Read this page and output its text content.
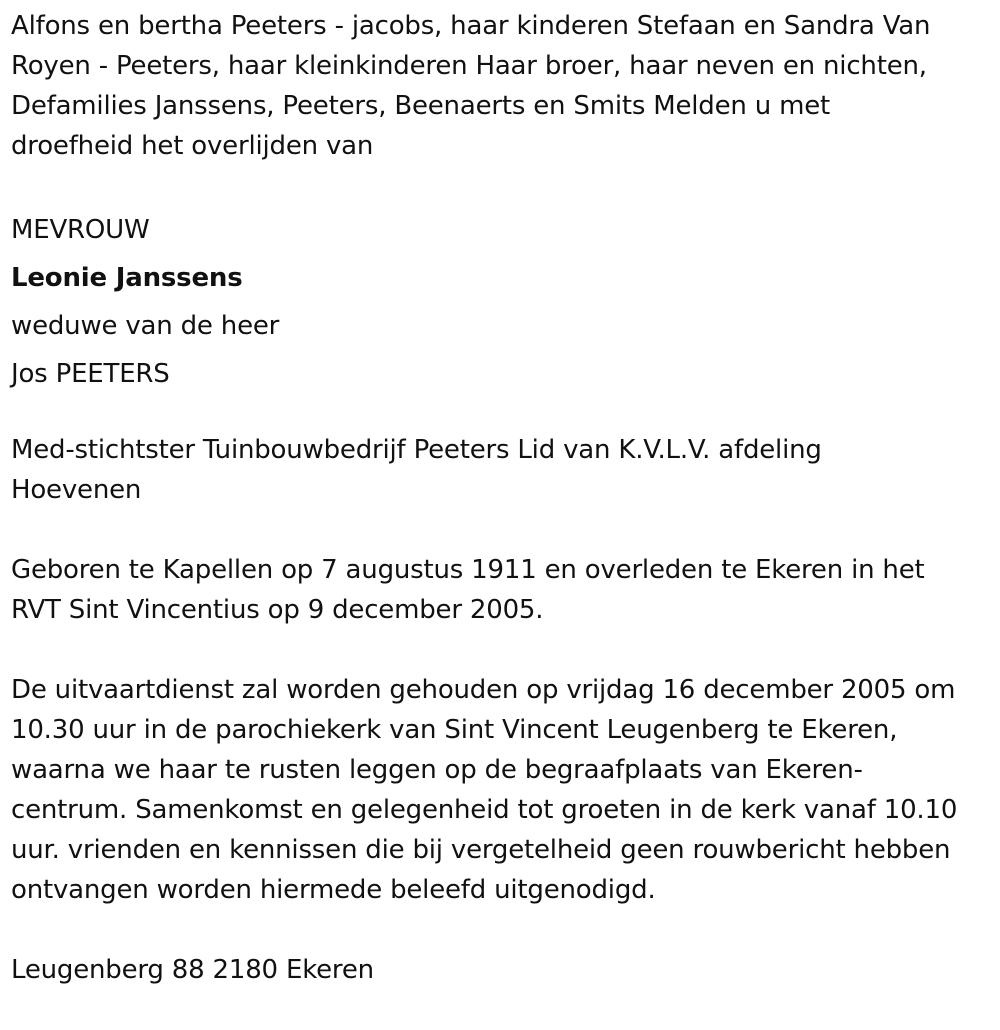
Alfons en bertha Peeters - jacobs, haar kinderen Stefaan en Sandra Van
Royen - Peeters, haar kleinkinderen Haar broer, haar neven en nichten,
Defamilies Janssens, Peeters, Beenaerts en Smits Melden u met
droefheid het overlijden van

MEVROUW
Leonie Janssens
weduwe van de heer
Jos PEETERS

Med-stichtster Tuinbouwbedrijf Peeters Lid van K.V.L.V. afdeling
Hoevenen

Geboren te Kapellen op 7 augustus 1911 en overleden te Ekeren in het
RVT Sint Vincentius op 9 december 2005.

De uitvaartdienst zal worden gehouden op vrijdag 16 december 2005 om
10.30 uur in de parochiekerk van Sint Vincent Leugenberg te Ekeren,
waarna we haar te rusten leggen op de begraafplaats van Ekeren-
centrum. Samenkomst en gelegenheid tot groeten in de kerk vanaf 10.10
uur. vrienden en kennissen die bij vergetelheid geen rouwbericht hebben
ontvangen worden hiermede beleefd uitgenodigd.

Leugenberg 88 2180 Ekeren
